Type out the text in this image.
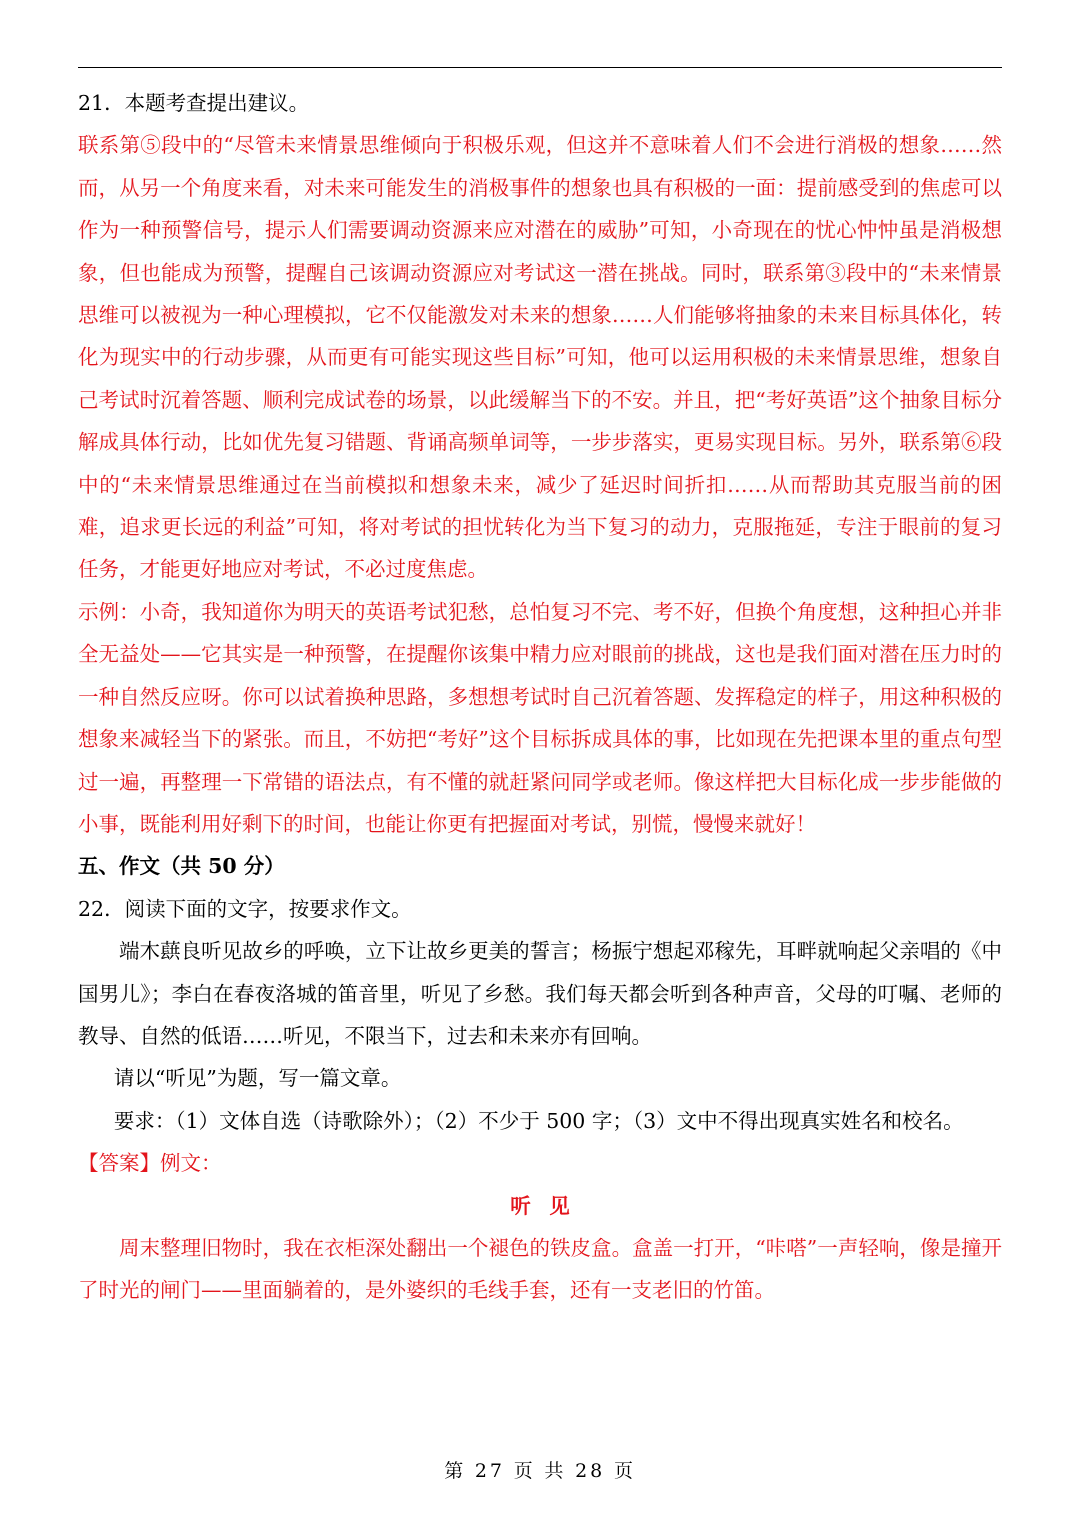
21．本题考查提出建议。

联系第⑤段中的“尽管未来情景思维倾向于积极乐观，但这并不意味着人们不会进行消极的想象……然而，从另一个角度来看，对未来可能发生的消极事件的想象也具有积极的一面：提前感受到的焦虑可以作为一种预警信号，提示人们需要调动资源来应对潜在的威胁”可知，小奇现在的忧心忡忡虽是消极想象，但也能成为预警，提醒自己该调动资源应对考试这一潜在挑战。同时，联系第③段中的“未来情景思维可以被视为一种心理模拟，它不仅能激发对未来的想象……人们能够将抽象的未来目标具体化，转化为现实中的行动步骤，从而更有可能实现这些目标”可知，他可以运用积极的未来情景思维，想象自己考试时沉着答题、顺利完成试卷的场景，以此缓解当下的不安。并且，把“考好英语”这个抽象目标分解成具体行动，比如优先复习错题、背诵高频单词等，一步步落实，更易实现目标。另外，联系第⑥段中的“未来情景思维通过在当前模拟和想象未来，减少了延迟时间折扣……从而帮助其克服当前的困难，追求更长远的利益”可知，将对考试的担忧转化为当下复习的动力，克服拖延，专注于眼前的复习任务，才能更好地应对考试，不必过度焦虑。

示例：小奇，我知道你为明天的英语考试犯愁，总怕复习不完、考不好，但换个角度想，这种担心并非全无益处——它其实是一种预警，在提醒你该集中精力应对眼前的挑战，这也是我们面对潜在压力时的一种自然反应呀。你可以试着换种思路，多想想考试时自己沉着答题、发挥稳定的样子，用这种积极的想象来减轻当下的紧张。而且，不妨把“考好”这个目标拆成具体的事，比如现在先把课本里的重点句型过一遍，再整理一下常错的语法点，有不懂的就赶紧问同学或老师。像这样把大目标化成一步步能做的小事，既能利用好剩下的时间，也能让你更有把握面对考试，别慌，慢慢来就好！

五、作文（共 50 分）

22．阅读下面的文字，按要求作文。

端木蕻良听见故乡的呼唤，立下让故乡更美的誓言；杨振宁想起邓稼先，耳畔就响起父亲唱的《中国男儿》；李白在春夜洛城的笛音里，听见了乡愁。我们每天都会听到各种声音，父母的叮嘱、老师的教导、自然的低语……听见，不限当下，过去和未来亦有回响。

请以“听见”为题，写一篇文章。

要求：（1）文体自选（诗歌除外）；（2）不少于 500 字；（3）文中不得出现真实姓名和校名。

【答案】例文：

听见

周末整理旧物时，我在衣柜深处翻出一个褪色的铁皮盒。盒盖一打开，“咔嗒”一声轻响，像是撞开了时光的闸门——里面躺着的，是外婆织的毛线手套，还有一支老旧的竹笛。

第 27 页 共 28 页
